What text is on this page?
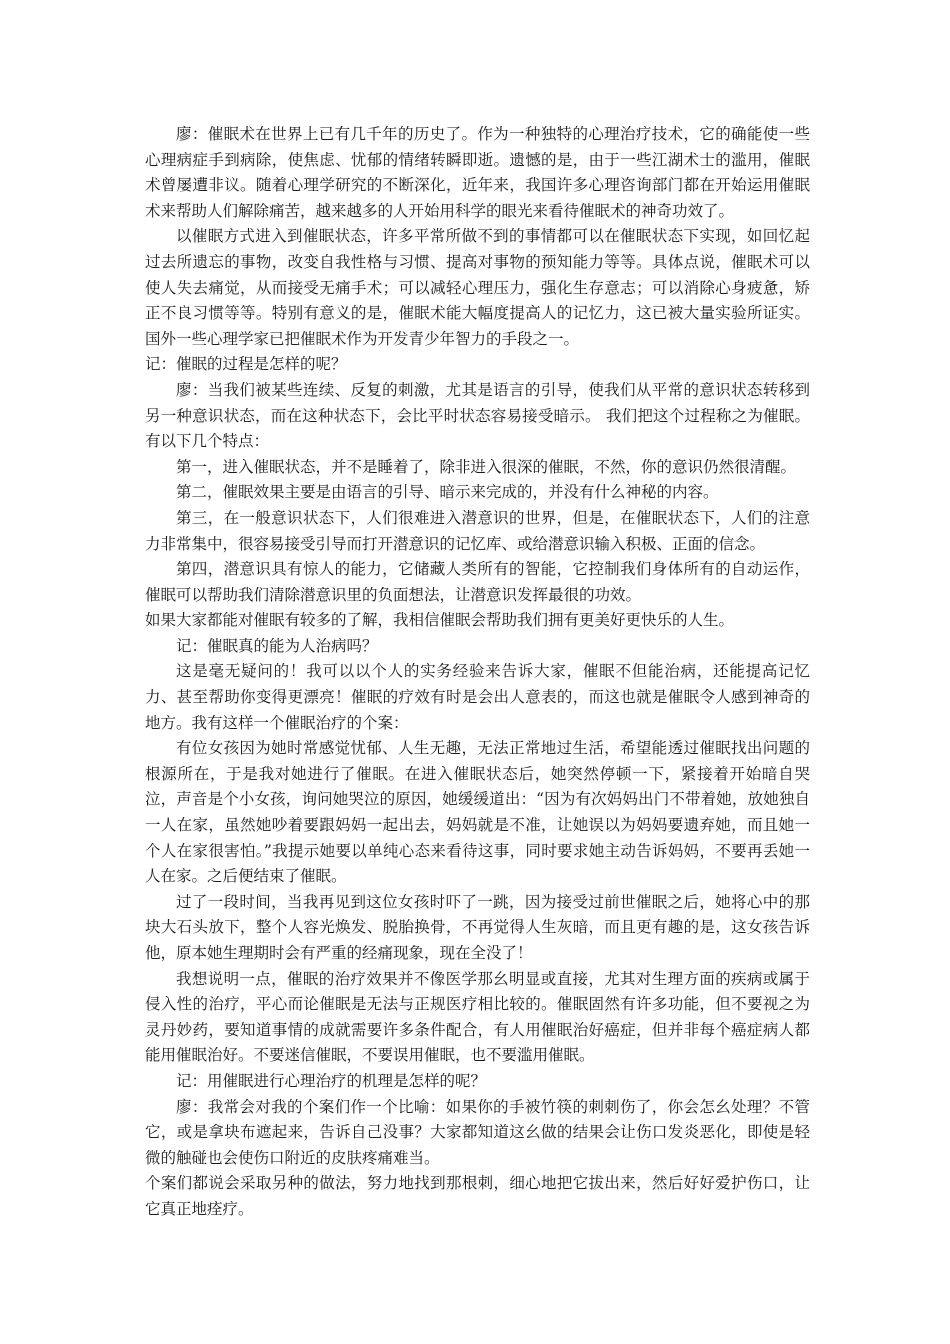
廖：催眠术在世界上已有几千年的历史了。作为一种独特的心理治疗技术，它的确能使一些心理病症手到病除，使焦虑、忧郁的情绪转瞬即逝。遗憾的是，由于一些江湖术士的滥用，催眠术曾屡遭非议。随着心理学研究的不断深化，近年来，我国许多心理咨询部门都在开始运用催眠术来帮助人们解除痛苦，越来越多的人开始用科学的眼光来看待催眠术的神奇功效了。

以催眠方式进入到催眠状态，许多平常所做不到的事情都可以在催眠状态下实现，如回忆起过去所遗忘的事物，改变自我性格与习惯、提高对事物的预知能力等等。具体点说，催眠术可以使人失去痛觉，从而接受无痛手术；可以减轻心理压力，强化生存意志；可以消除心身疲惫，矫正不良习惯等等。特别有意义的是，催眠术能大幅度提高人的记忆力，这已被大量实验所证实。国外一些心理学家已把催眠术作为开发青少年智力的手段之一。

记：催眠的过程是怎样的呢？

廖：当我们被某些连续、反复的刺激，尤其是语言的引导，使我们从平常的意识状态转移到另一种意识状态，而在这种状态下，会比平时状态容易接受暗示。 我们把这个过程称之为催眠。有以下几个特点：

第一，进入催眠状态，并不是睡着了，除非进入很深的催眠，不然，你的意识仍然很清醒。

第二，催眠效果主要是由语言的引导、暗示来完成的，并没有什么神秘的内容。

第三，在一般意识状态下，人们很难进入潜意识的世界，但是，在催眠状态下，人们的注意力非常集中，很容易接受引导而打开潜意识的记忆库、或给潜意识输入积极、正面的信念。

第四，潜意识具有惊人的能力，它储藏人类所有的智能，它控制我们身体所有的自动运作，催眠可以帮助我们清除潜意识里的负面想法，让潜意识发挥最很的功效。

如果大家都能对催眠有较多的了解，我相信催眠会帮助我们拥有更美好更快乐的人生。

记：催眠真的能为人治病吗？

这是毫无疑问的！我可以以个人的实务经验来告诉大家，催眠不但能治病，还能提高记忆力、甚至帮助你变得更漂亮！催眠的疗效有时是会出人意表的，而这也就是催眠令人感到神奇的地方。我有这样一个催眠治疗的个案：

有位女孩因为她时常感觉忧郁、人生无趣，无法正常地过生活，希望能透过催眠找出问题的根源所在，于是我对她进行了催眠。在进入催眠状态后，她突然停顿一下，紧接着开始暗自哭泣，声音是个小女孩，询问她哭泣的原因，她缓缓道出：“因为有次妈妈出门不带着她，放她独自一人在家，虽然她吵着要跟妈妈一起出去，妈妈就是不准，让她误以为妈妈要遗弃她，而且她一个人在家很害怕。”我提示她要以单纯心态来看待这事，同时要求她主动告诉妈妈，不要再丢她一人在家。之后便结束了催眠。

过了一段时间，当我再见到这位女孩时吓了一跳，因为接受过前世催眠之后，她将心中的那块大石头放下，整个人容光焕发、脱胎换骨，不再觉得人生灰暗，而且更有趣的是，这女孩告诉他，原本她生理期时会有严重的经痛现象，现在全没了！

我想说明一点，催眠的治疗效果并不像医学那幺明显或直接，尤其对生理方面的疾病或属于侵入性的治疗，平心而论催眠是无法与正规医疗相比较的。催眠固然有许多功能，但不要视之为灵丹妙药，要知道事情的成就需要许多条件配合，有人用催眠治好癌症，但并非每个癌症病人都能用催眠治好。不要迷信催眠，不要误用催眠，也不要滥用催眠。

记：用催眠进行心理治疗的机理是怎样的呢？

廖：我常会对我的个案们作一个比喻：如果你的手被竹筷的刺刺伤了，你会怎幺处理？不管它，或是拿块布遮起来，告诉自己没事？大家都知道这幺做的结果会让伤口发炎恶化，即使是轻微的触碰也会使伤口附近的皮肤疼痛难当。

个案们都说会采取另种的做法，努力地找到那根刺，细心地把它拔出来，然后好好爱护伤口，让它真正地痊疗。
